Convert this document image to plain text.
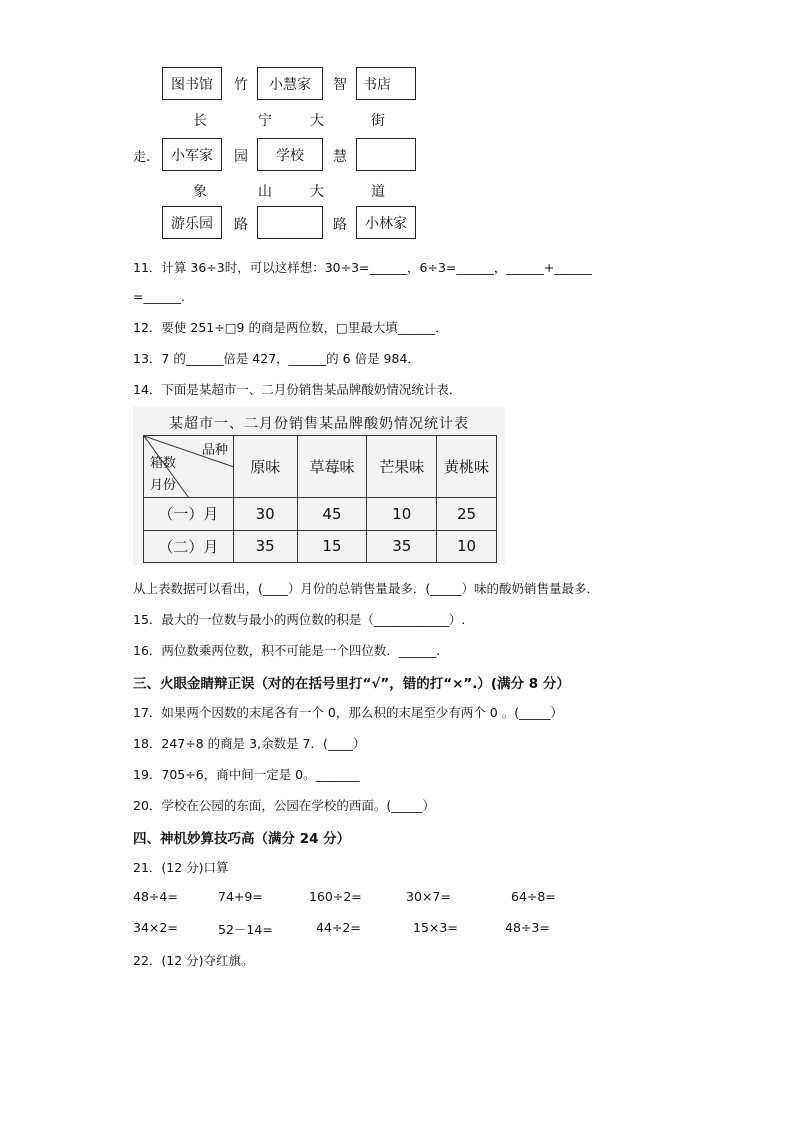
图书馆	竹	小慧家	智	书店
长	宁	大	街
走.	小军家	园	学校	慧
象	山	大	道
游乐园	路	路	小林家
11．计算 36÷3时，可以这样想：30÷3=______，6÷3=______，______+______
=______．
12．要使 251÷□9 的商是两位数，□里最大填______．
13．7 的______倍是 427，______的 6 倍是 984．
14．下面是某超市一、二月份销售某品牌酸奶情况统计表．
某超市一、二月份销售某品牌酸奶情况统计表
箱数
品种
月份	原味	草莓味	芒果味	黄桃味
（一）月	30	45	10	25
（二）月	35	15	35	10
从上表数据可以看出，(____）月份的总销售量最多．(_____）味的酸奶销售量最多．
15．最大的一位数与最小的两位数的积是（____________）.
16．两位数乘两位数，积不可能是一个四位数．______.
三、火眼金睛辩正误（对的在括号里打“√”，错的打“×”.）(满分 8 分）
17．如果两个因数的末尾各有一个 0，那么积的末尾至少有两个 0 。(_____）
18．247÷8 的商是 3,余数是 7．(____）
19．705÷6，商中间一定是 0。_______
20．学校在公园的东面，公园在学校的西面。(_____）
四、神机妙算技巧高（满分 24 分）
21．(12 分)口算
48÷4=	74+9=	160÷2=	30×7=	64÷8=
34×2=	52－14=	44÷2=	15×3=	48÷3=
22．(12 分)夺红旗。
